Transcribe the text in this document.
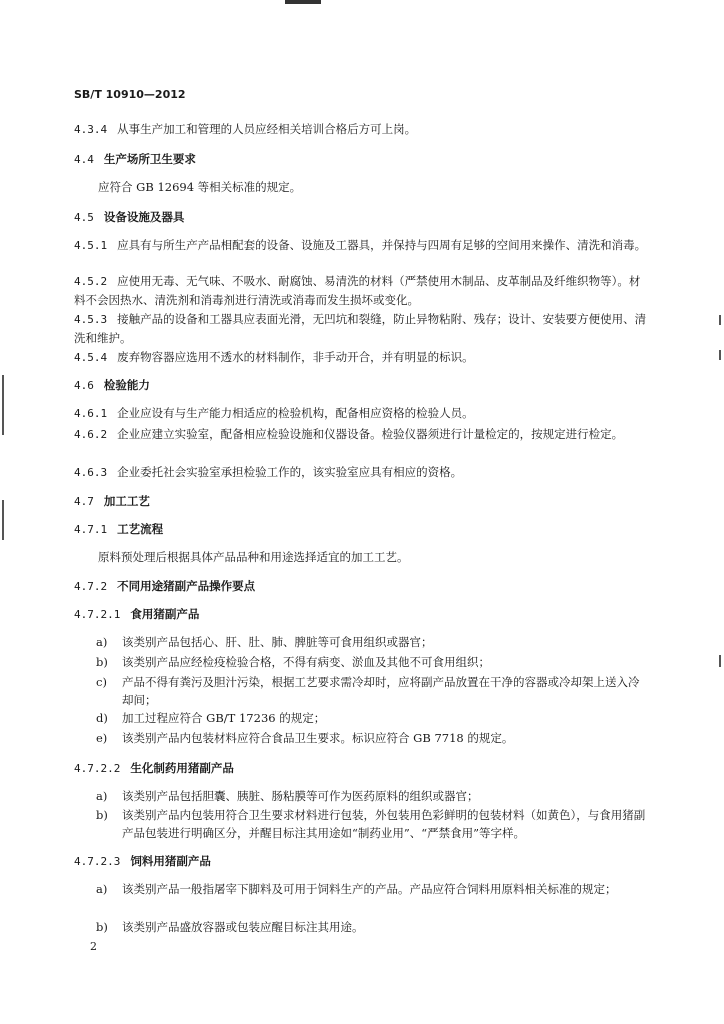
SB/T 10910—2012
4.3.4 从事生产加工和管理的人员应经相关培训合格后方可上岗。
4.4 生产场所卫生要求
应符合 GB 12694 等相关标准的规定。
4.5 设备设施及器具
4.5.1 应具有与所生产产品相配套的设备、设施及工器具，并保持与四周有足够的空间用来操作、清洗和消毒。
4.5.2 应使用无毒、无气味、不吸水、耐腐蚀、易清洗的材料（严禁使用木制品、皮革制品及纤维织物等）。材料不会因热水、清洗剂和消毒剂进行清洗或消毒而发生损坏或变化。
4.5.3 接触产品的设备和工器具应表面光滑，无凹坑和裂缝，防止异物粘附、残存；设计、安装要方便使用、清洗和维护。
4.5.4 废弃物容器应选用不透水的材料制作，非手动开合，并有明显的标识。
4.6 检验能力
4.6.1 企业应设有与生产能力相适应的检验机构，配备相应资格的检验人员。
4.6.2 企业应建立实验室，配备相应检验设施和仪器设备。检验仪器须进行计量检定的，按规定进行检定。
4.6.3 企业委托社会实验室承担检验工作的，该实验室应具有相应的资格。
4.7 加工工艺
4.7.1 工艺流程
原料预处理后根据具体产品品种和用途选择适宜的加工工艺。
4.7.2 不同用途猪副产品操作要点
4.7.2.1 食用猪副产品
a) 该类别产品包括心、肝、肚、肺、脾脏等可食用组织或器官；
b) 该类别产品应经检疫检验合格，不得有病变、淤血及其他不可食用组织；
c) 产品不得有粪污及胆汁污染，根据工艺要求需冷却时，应将副产品放置在干净的容器或冷却架上送入冷却间；
d) 加工过程应符合 GB/T 17236 的规定；
e) 该类别产品内包装材料应符合食品卫生要求。标识应符合 GB 7718 的规定。
4.7.2.2 生化制药用猪副产品
a) 该类别产品包括胆囊、胰脏、肠粘膜等可作为医药原料的组织或器官；
b) 该类别产品内包装用符合卫生要求材料进行包装，外包装用色彩鲜明的包装材料（如黄色），与食用猪副产品包装进行明确区分，并醒目标注其用途如“制药业用”、“严禁食用”等字样。
4.7.2.3 饲料用猪副产品
a) 该类别产品一般指屠宰下脚料及可用于饲料生产的产品。产品应符合饲料用原料相关标准的规定；
b) 该类别产品盛放容器或包装应醒目标注其用途。
2
